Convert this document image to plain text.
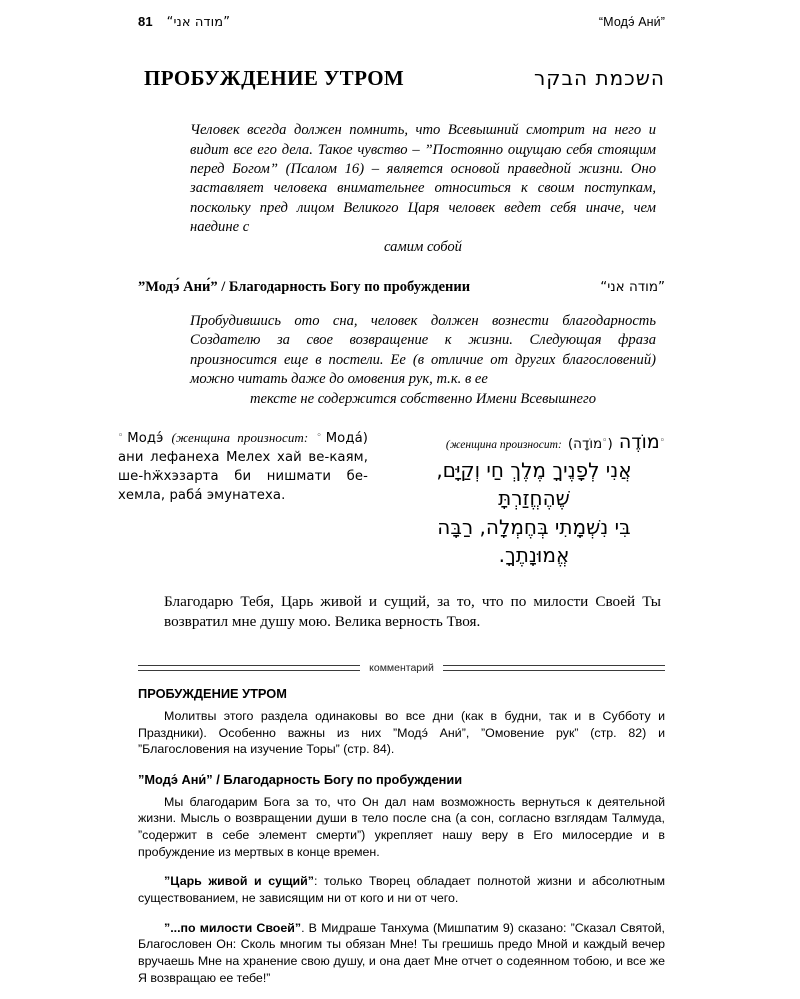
81 ”מודה אני“	“Модэ́ Ани́”
ПРОБУЖДЕНИЕ УТРОМ	השכמת הבקר

Человек всегда должен помнить, что Всевышний смотрит на него и видит все его дела. Такое чувство – ”Постоянно ощущаю себя стоящим перед Богом” (Псалом 16) – является основой праведной жизни. Оно заставляет человека внимательнее относиться к своим поступкам, поскольку пред лицом Великого Царя человек ведет себя иначе, чем наедине с
самим собой

”Модэ́ Ани́” / Благодарность Богу по пробуждении	”מודה אני“

Пробудившись ото сна, человек должен вознести благодарность Создателю за свое возвращение к жизни. Следующая фраза произносится еще в постели. Ее (в отличие от других благословений) можно читать даже до омовения рук, т.к. в ее
тексте не содержится собственно Имени Всевышнего

◦Модэ́ (женщина произносит: ◦Мода́) ани лефанеха Мелех хай ве-каям, ше-hӝхэзарта би нишмати бе-хемла, раба́ эмунатеха.
◦מוֹדֶה (◦מוֹדָה) (женщина произносит:
אֲנִי לְפָנֶיךָ מֶלֶךְ חַי וְקַיָּם, שֶׁהֶחֱזַרְתָּ
בִּי נִשְׁמָתִי בְּחֶמְלָה, רַבָּה אֱמוּנָתֶךָ.

Благодарю Тебя, Царь живой и сущий, за то, что по милости Своей Ты возвратил мне душу мою. Велика верность Твоя.

комментарий
ПРОБУЖДЕНИЕ УТРОМ

Молитвы этого раздела одинаковы во все дни (как в будни, так и в Субботу и Праздники). Особенно важны из них ”Модэ́ Ани́”, ”Омовение рук” (стр. 82) и ”Благословения на изучение Торы” (стр. 84).

”Модэ́ Ани́” / Благодарность Богу по пробуждении

Мы благодарим Бога за то, что Он дал нам возможность вернуться к деятельной жизни. Мысль о возвращении души в тело после сна (а сон, согласно взглядам Талмуда, ”содержит в себе элемент смерти”) укрепляет нашу веру в Его милосердие и в пробуждение из мертвых в конце времен.

”Царь живой и сущий”: только Творец обладает полнотой жизни и абсолютным существованием, не зависящим ни от кого и ни от чего.

”...по милости Своей”. В Мидраше Танхума (Мишпатим 9) сказано: ”Сказал Святой, Благословен Он: Сколь многим ты обязан Мне! Ты грешишь предо Мной и каждый вечер вручаешь Мне на хранение свою душу, и она дает Мне отчет о содеянном тобою, и все же Я возвращаю ее тебе!”
